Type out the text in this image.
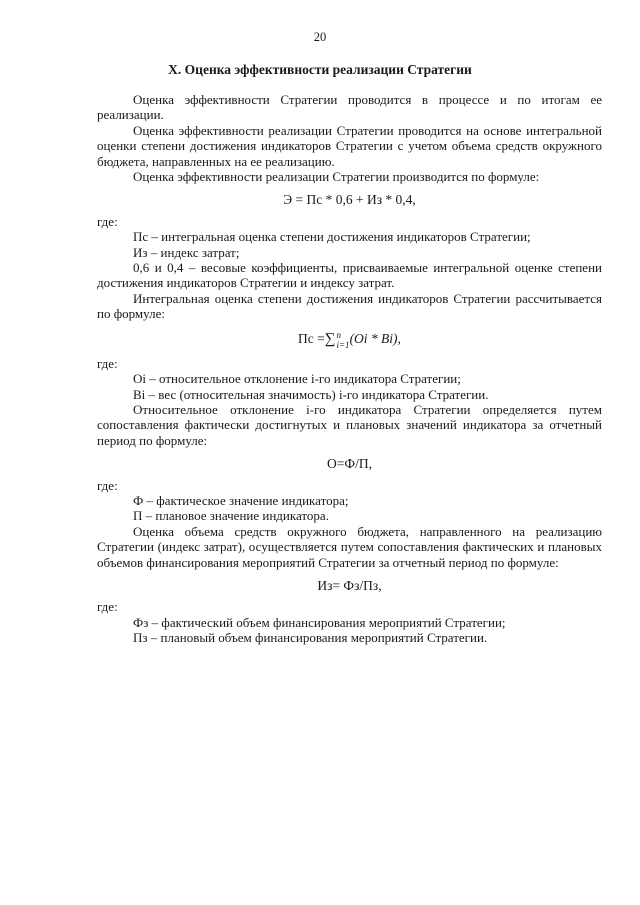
20
X. Оценка эффективности реализации Стратегии

Оценка эффективности Стратегии проводится в процессе и по итогам ее реализации.

Оценка эффективности реализации Стратегии проводится на основе интегральной оценки степени достижения индикаторов Стратегии с учетом объема средств окружного бюджета, направленных на ее реализацию.

Оценка эффективности реализации Стратегии производится по формуле:

Э = Пс * 0,6 + Из * 0,4,

где:

Пс – интегральная оценка степени достижения индикаторов Стратегии;

Из – индекс затрат;

0,6 и 0,4 – весовые коэффициенты, присваиваемые интегральной оценке степени достижения индикаторов Стратегии и индексу затрат.

Интегральная оценка степени достижения индикаторов Стратегии рассчитывается по формуле:

Пс =∑n
i=1(Оi * Bi),

где:

Оi – относительное отклонение i-го индикатора Стратегии;

Вi – вес (относительная значимость) i-го индикатора Стратегии.

Относительное отклонение i-го индикатора Стратегии определяется путем сопоставления фактически достигнутых и плановых значений индикатора за отчетный период по формуле:

О=Ф/П,

где:

Ф – фактическое значение индикатора;

П – плановое значение индикатора.

Оценка объема средств окружного бюджета, направленного на реализацию Стратегии (индекс затрат), осуществляется путем сопоставления фактических и плановых объемов финансирования мероприятий Стратегии за отчетный период по формуле:

Из= Фз/Пз,

где:

Фз – фактический объем финансирования мероприятий Стратегии;

Пз – плановый объем финансирования мероприятий Стратегии.
